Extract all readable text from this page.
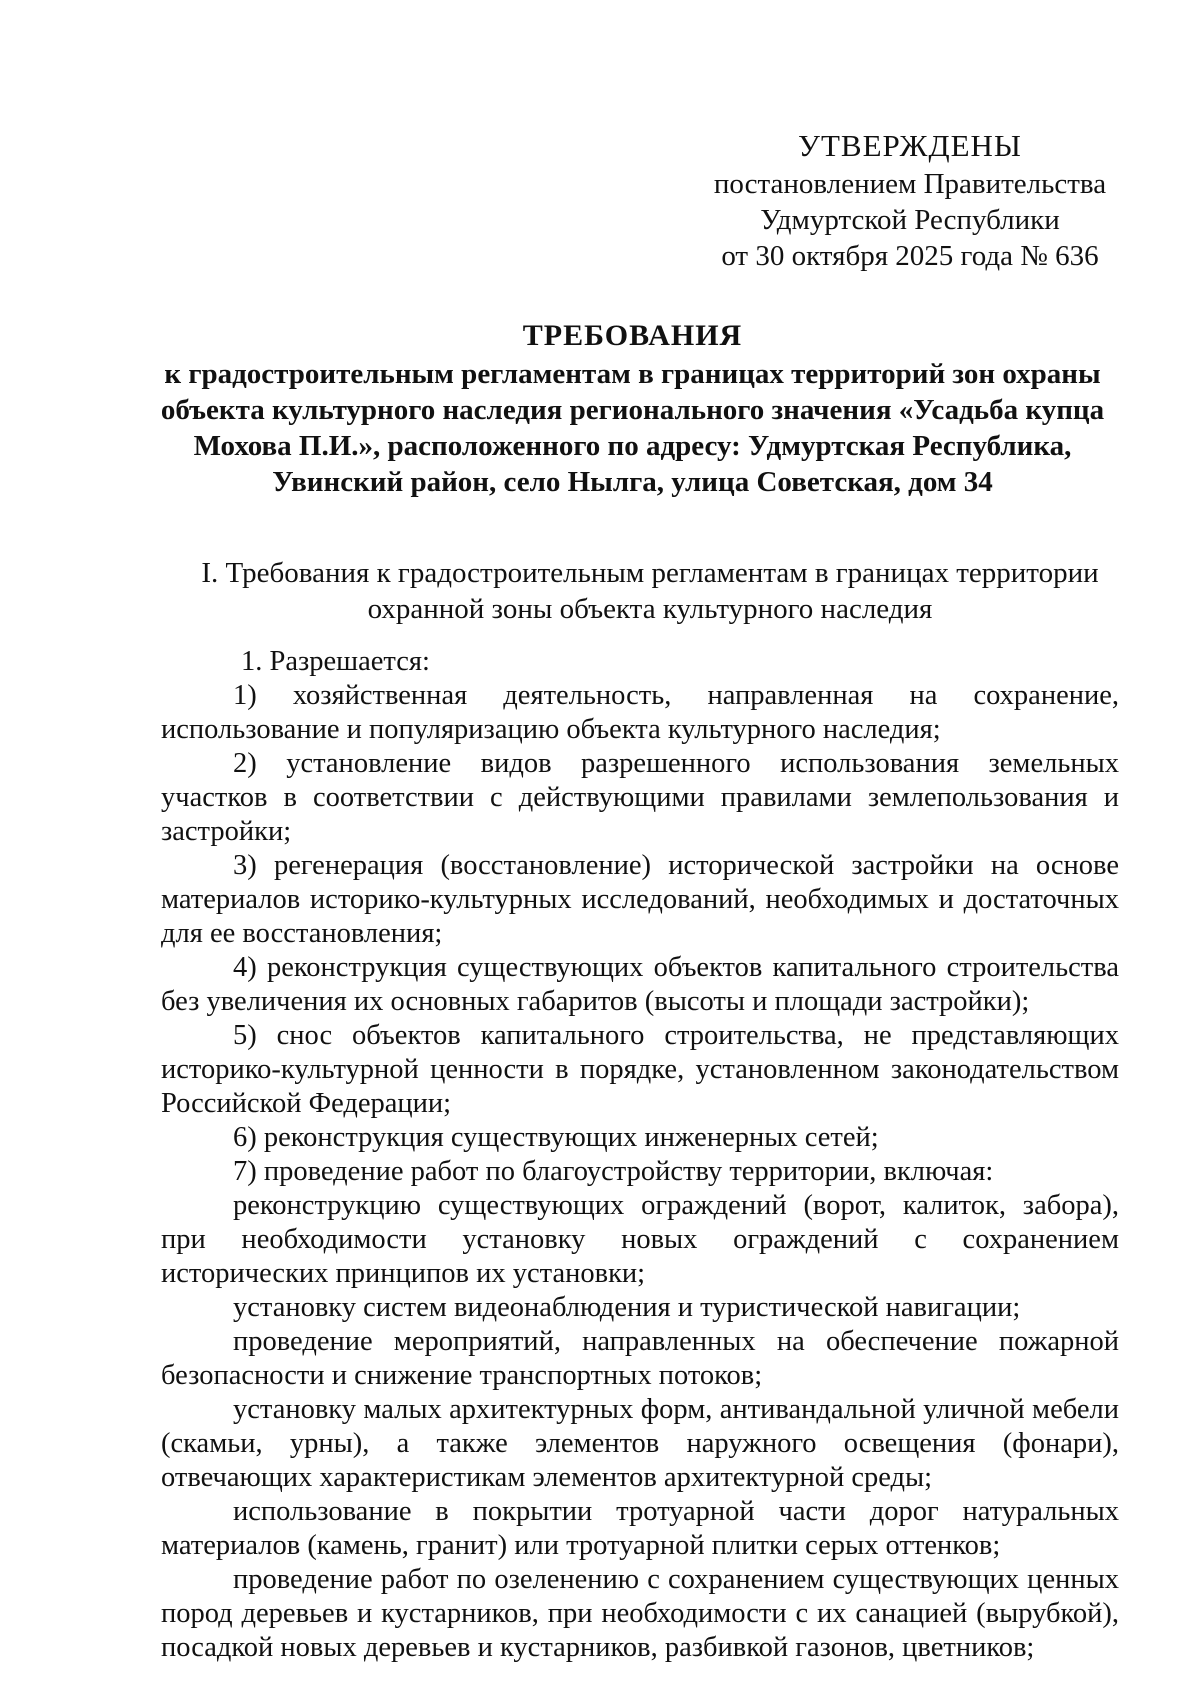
УТВЕРЖДЕНЫ
постановлением Правительства
Удмуртской Республики
от 30 октября 2025 года № 636
ТРЕБОВАНИЯ
к градостроительным регламентам в границах территорий зон охраны объекта культурного наследия регионального значения «Усадьба купца Мохова П.И.», расположенного по адресу: Удмуртская Республика, Увинский район, село Нылга, улица Советская, дом 34
I. Требования к градостроительным регламентам в границах территории охранной зоны объекта культурного наследия

1. Разрешается:

1) хозяйственная деятельность, направленная на сохранение, использование и популяризацию объекта культурного наследия;

2) установление видов разрешенного использования земельных участков в соответствии с действующими правилами землепользования и застройки;

3) регенерация (восстановление) исторической застройки на основе материалов историко-культурных исследований, необходимых и достаточных для ее восстановления;

4) реконструкция существующих объектов капитального строительства без увеличения их основных габаритов (высоты и площади застройки);

5) снос объектов капитального строительства, не представляющих историко-культурной ценности в порядке, установленном законодательством Российской Федерации;

6) реконструкция существующих инженерных сетей;

7) проведение работ по благоустройству территории, включая:

реконструкцию существующих ограждений (ворот, калиток, забора), при необходимости установку новых ограждений с сохранением исторических принципов их установки;

установку систем видеонаблюдения и туристической навигации;

проведение мероприятий, направленных на обеспечение пожарной безопасности и снижение транспортных потоков;

установку малых архитектурных форм, антивандальной уличной мебели (скамьи, урны), а также элементов наружного освещения (фонари), отвечающих характеристикам элементов архитектурной среды;

использование в покрытии тротуарной части дорог натуральных материалов (камень, гранит) или тротуарной плитки серых оттенков;

проведение работ по озеленению с сохранением существующих ценных пород деревьев и кустарников, при необходимости с их санацией (вырубкой), посадкой новых деревьев и кустарников, разбивкой газонов, цветников;
